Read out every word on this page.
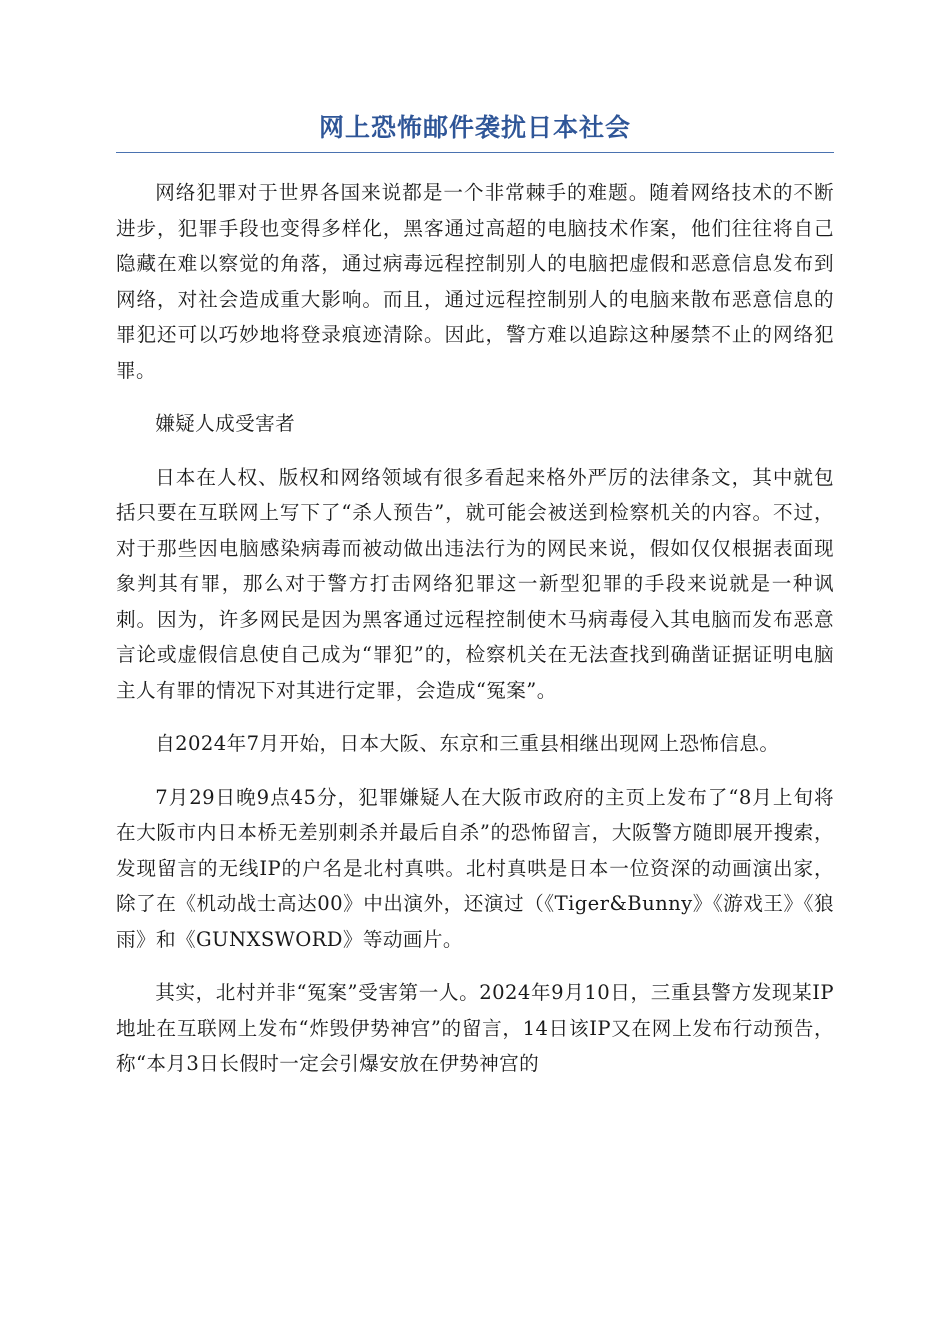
网上恐怖邮件袭扰日本社会

网络犯罪对于世界各国来说都是一个非常棘手的难题。随着网络技术的不断进步，犯罪手段也变得多样化，黑客通过高超的电脑技术作案，他们往往将自己隐藏在难以察觉的角落，通过病毒远程控制别人的电脑把虚假和恶意信息发布到网络，对社会造成重大影响。而且，通过远程控制别人的电脑来散布恶意信息的罪犯还可以巧妙地将登录痕迹清除。因此，警方难以追踪这种屡禁不止的网络犯罪。

嫌疑人成受害者

日本在人权、版权和网络领域有很多看起来格外严厉的法律条文，其中就包括只要在互联网上写下了“杀人预告”，就可能会被送到检察机关的内容。不过，对于那些因电脑感染病毒而被动做出违法行为的网民来说，假如仅仅根据表面现象判其有罪，那么对于警方打击网络犯罪这一新型犯罪的手段来说就是一种讽刺。因为，许多网民是因为黑客通过远程控制使木马病毒侵入其电脑而发布恶意言论或虚假信息使自己成为“罪犯”的，检察机关在无法查找到确凿证据证明电脑主人有罪的情况下对其进行定罪，会造成“冤案”。

自2024年7月开始，日本大阪、东京和三重县相继出现网上恐怖信息。

7月29日晚9点45分，犯罪嫌疑人在大阪市政府的主页上发布了“8月上旬将在大阪市内日本桥无差别刺杀并最后自杀”的恐怖留言，大阪警方随即展开搜索，发现留言的无线IP的户名是北村真哄。北村真哄是日本一位资深的动画演出家，除了在《机动战士高达00》中出演外，还演过（《Tiger&Bunny》《游戏王》《狼雨》和《GUNXSWORD》等动画片。

其实，北村并非“冤案”受害第一人。2024年9月10日，三重县警方发现某IP地址在互联网上发布“炸毁伊势神宫”的留言，14日该IP又在网上发布行动预告，称“本月3日长假时一定会引爆安放在伊势神宫的
